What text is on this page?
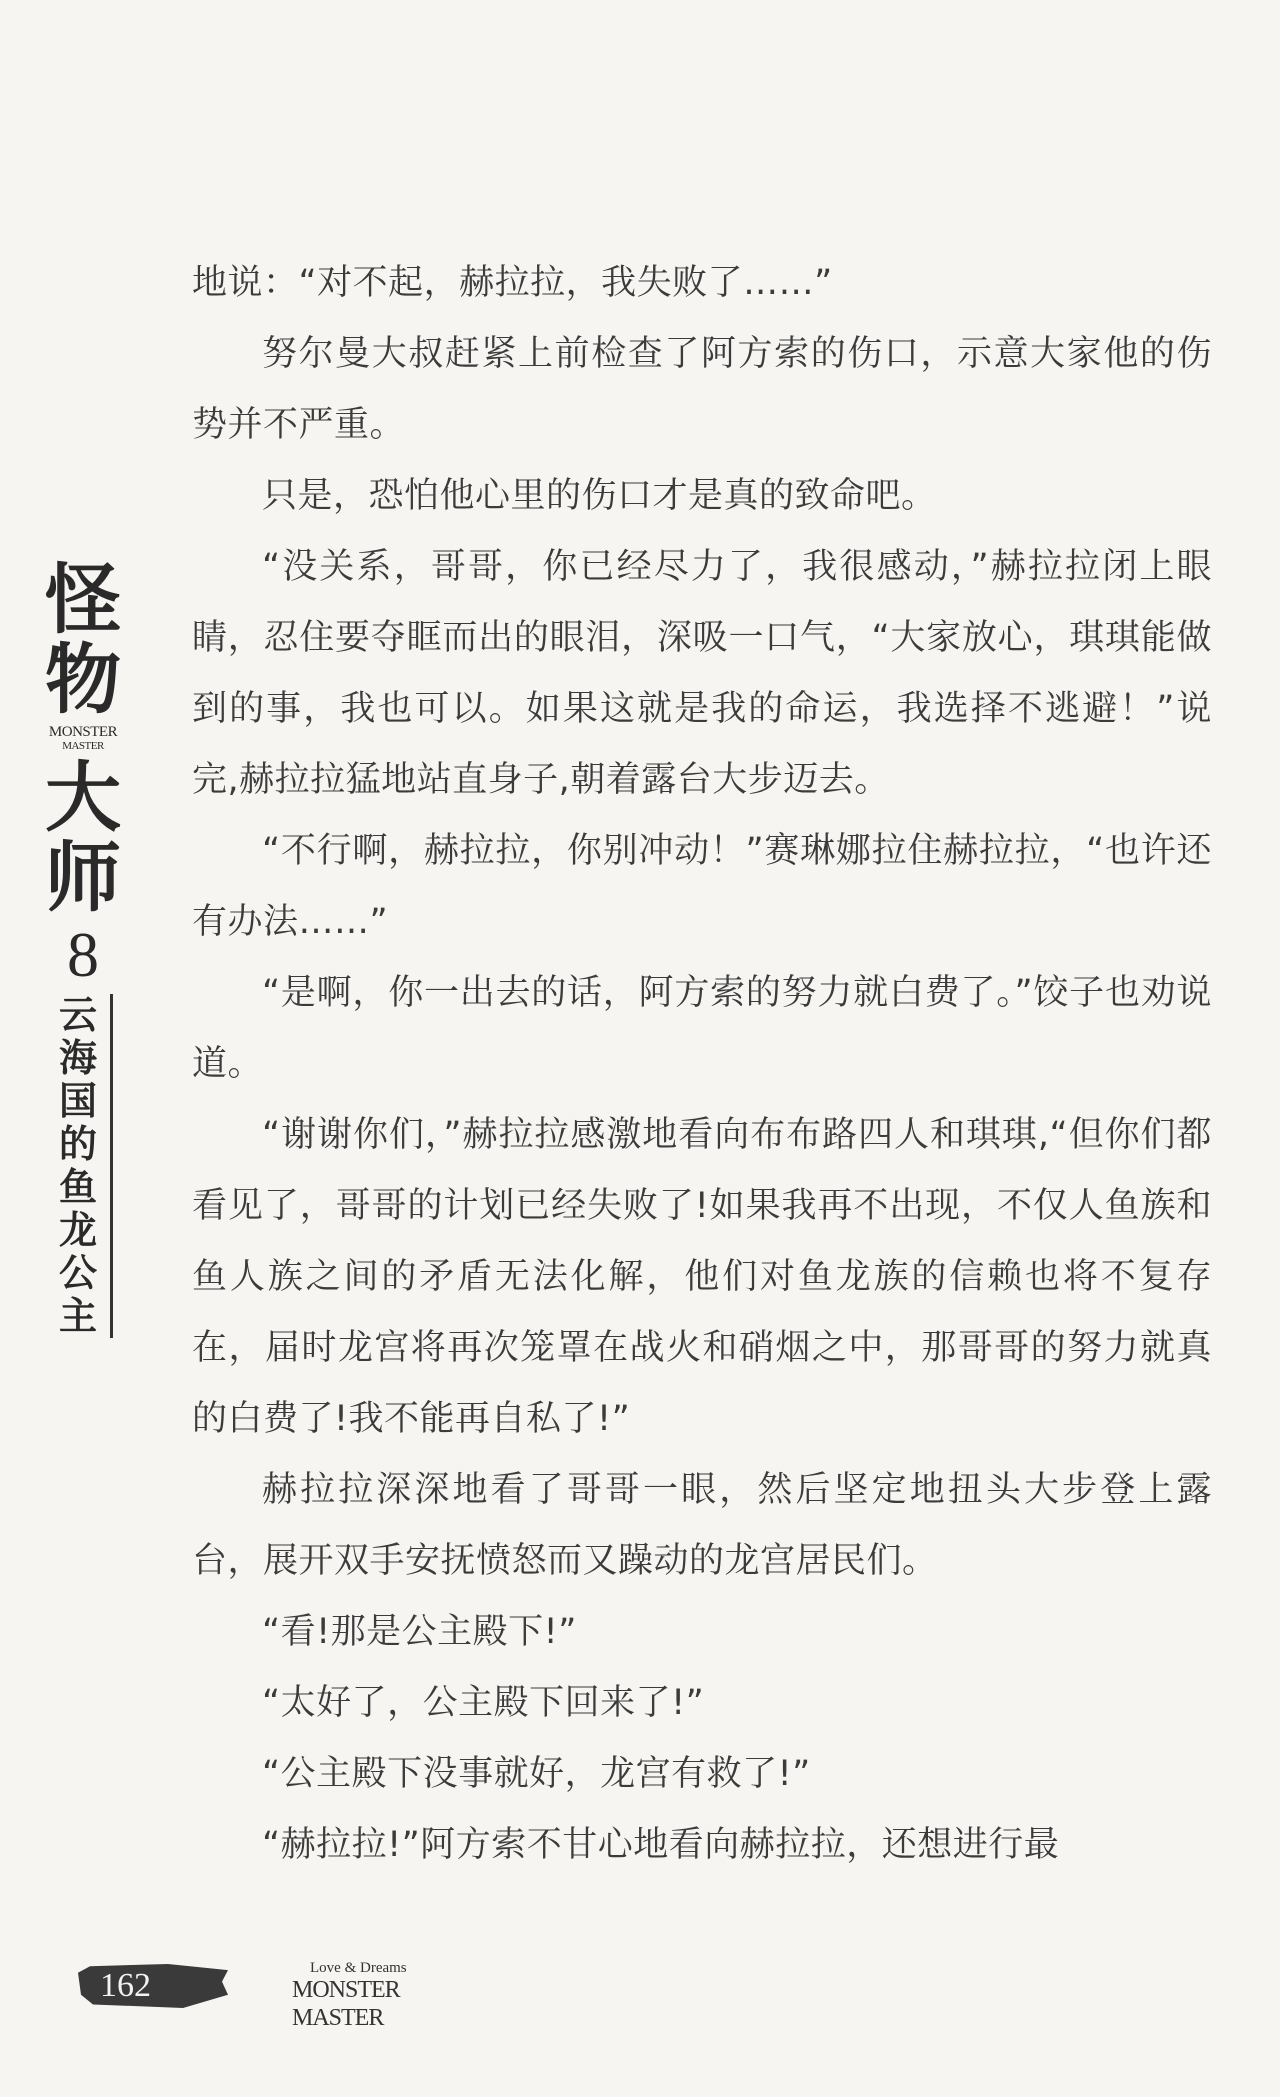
怪
物
MONSTER
MASTER
大
师
8
云
海
国
的
鱼
龙
公
主

地说：“对不起，赫拉拉，我失败了……”

努尔曼大叔赶紧上前检查了阿方索的伤口，示意大家他的伤势并不严重。

只是，恐怕他心里的伤口才是真的致命吧。

“没关系，哥哥，你已经尽力了，我很感动，”赫拉拉闭上眼睛，忍住要夺眶而出的眼泪，深吸一口气，“大家放心，琪琪能做到的事，我也可以。如果这就是我的命运，我选择不逃避！”说完,赫拉拉猛地站直身子,朝着露台大步迈去。

“不行啊，赫拉拉，你别冲动！”赛琳娜拉住赫拉拉，“也许还有办法……”

“是啊，你一出去的话，阿方索的努力就白费了。”饺子也劝说道。

“谢谢你们，”赫拉拉感激地看向布布路四人和琪琪,“但你们都看见了，哥哥的计划已经失败了!如果我再不出现，不仅人鱼族和鱼人族之间的矛盾无法化解，他们对鱼龙族的信赖也将不复存在，届时龙宫将再次笼罩在战火和硝烟之中，那哥哥的努力就真的白费了!我不能再自私了!”

赫拉拉深深地看了哥哥一眼，然后坚定地扭头大步登上露台，展开双手安抚愤怒而又躁动的龙宫居民们。

“看!那是公主殿下!”

“太好了，公主殿下回来了!”

“公主殿下没事就好，龙宫有救了!”

“赫拉拉!”阿方索不甘心地看向赫拉拉，还想进行最

162	Love & Dreams
MONSTER MASTER
